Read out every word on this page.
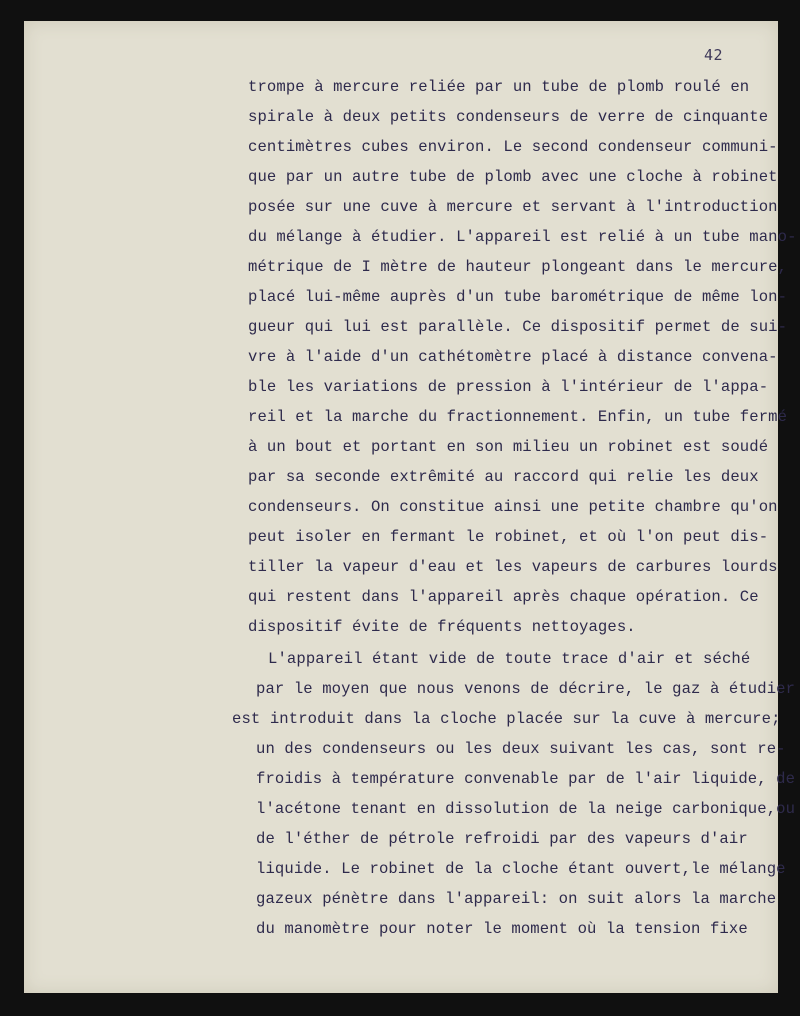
42
trompe à mercure reliée par un tube de plomb roulé en
spirale à deux petits condenseurs de verre de cinquante
centimètres cubes environ. Le second condenseur communi-
que par un autre tube de plomb avec une cloche à robinet
posée sur une cuve à mercure et servant à l'introduction
du mélange à étudier. L'appareil est relié à un tube mano-
métrique de I mètre de hauteur plongeant dans le mercure,
placé lui-même auprès d'un tube barométrique de même lon-
gueur qui lui est parallèle. Ce dispositif permet de sui-
vre à l'aide d'un cathétomètre placé à distance convena-
ble les variations de pression à l'intérieur de l'appa-
reil et la marche du fractionnement. Enfin, un tube fermé
à un bout et portant en son milieu un robinet est soudé
par sa seconde extrêmité au raccord qui relie les deux
condenseurs. On constitue ainsi une petite chambre qu'on
peut isoler en fermant le robinet, et où l'on peut dis-
tiller la vapeur d'eau et les vapeurs de carbures lourds
qui restent dans l'appareil après chaque opération. Ce
dispositif évite de fréquents nettoyages.
L'appareil étant vide de toute trace d'air et séché
par le moyen que nous venons de décrire, le gaz à étudier
est introduit dans la cloche placée sur la cuve à mercure;
un des condenseurs ou les deux suivant les cas, sont re-
froidis à température convenable par de l'air liquide, de
l'acétone tenant en dissolution de la neige carbonique,ou
de l'éther de pétrole refroidi par des vapeurs d'air
liquide. Le robinet de la cloche étant ouvert,le mélange
gazeux pénètre dans l'appareil: on suit alors la marche
du manomètre pour noter le moment où la tension fixe
